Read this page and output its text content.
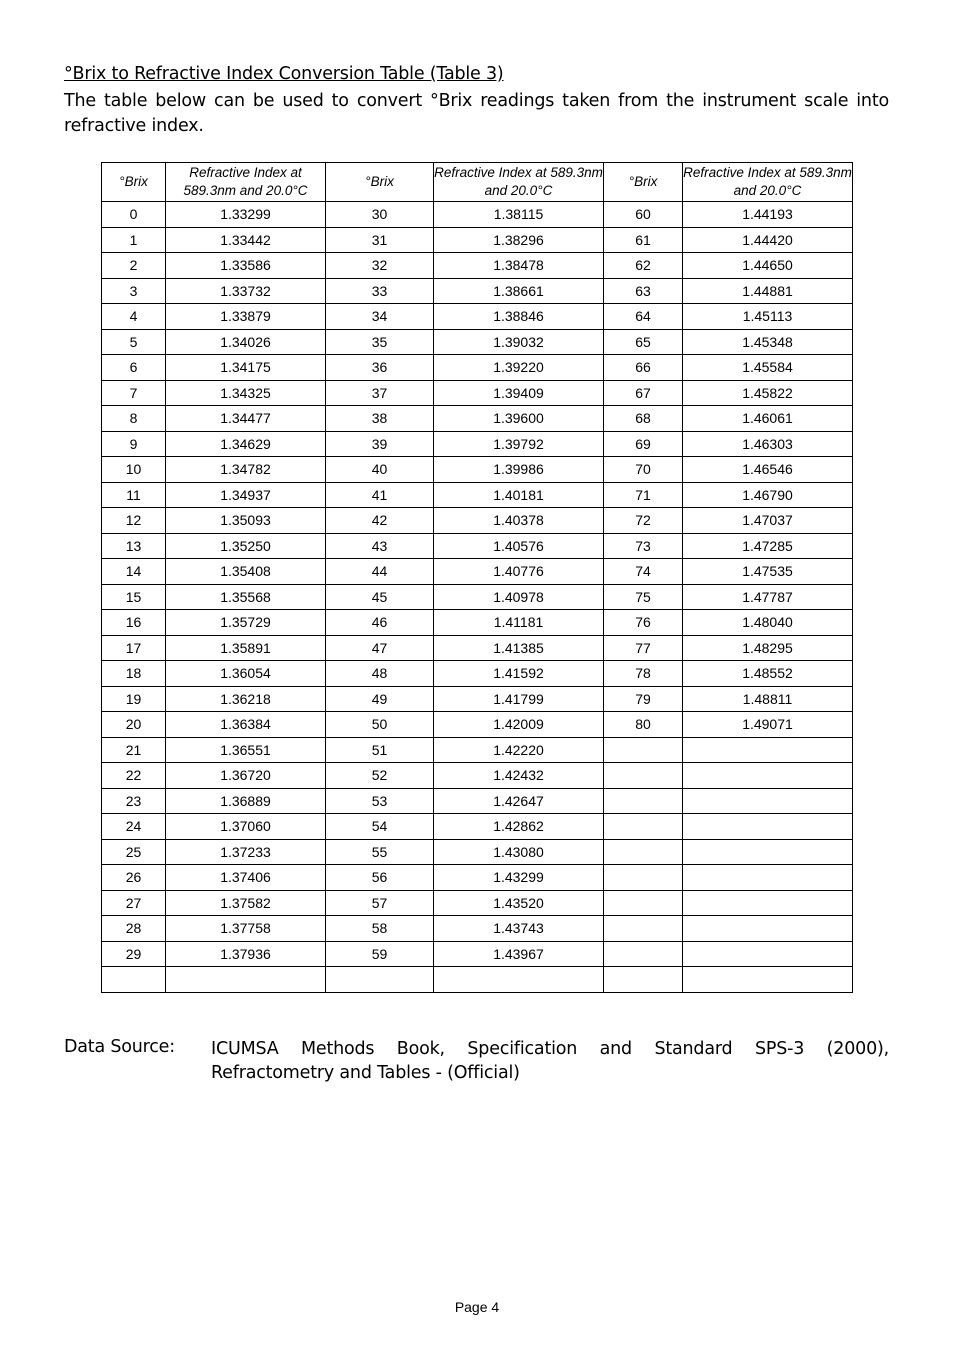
°Brix to Refractive Index Conversion Table (Table 3)
The table below can be used to convert °Brix readings taken from the instrument scale into refractive index.
°Brix	Refractive Index at 589.3nm and 20.0°C	°Brix	Refractive Index at 589.3nm and 20.0°C	°Brix	Refractive Index at 589.3nm and 20.0°C
0	1.33299	30	1.38115	60	1.44193
1	1.33442	31	1.38296	61	1.44420
2	1.33586	32	1.38478	62	1.44650
3	1.33732	33	1.38661	63	1.44881
4	1.33879	34	1.38846	64	1.45113
5	1.34026	35	1.39032	65	1.45348
6	1.34175	36	1.39220	66	1.45584
7	1.34325	37	1.39409	67	1.45822
8	1.34477	38	1.39600	68	1.46061
9	1.34629	39	1.39792	69	1.46303
10	1.34782	40	1.39986	70	1.46546
11	1.34937	41	1.40181	71	1.46790
12	1.35093	42	1.40378	72	1.47037
13	1.35250	43	1.40576	73	1.47285
14	1.35408	44	1.40776	74	1.47535
15	1.35568	45	1.40978	75	1.47787
16	1.35729	46	1.41181	76	1.48040
17	1.35891	47	1.41385	77	1.48295
18	1.36054	48	1.41592	78	1.48552
19	1.36218	49	1.41799	79	1.48811
20	1.36384	50	1.42009	80	1.49071
21	1.36551	51	1.42220		
22	1.36720	52	1.42432		
23	1.36889	53	1.42647		
24	1.37060	54	1.42862		
25	1.37233	55	1.43080		
26	1.37406	56	1.43299		
27	1.37582	57	1.43520		
28	1.37758	58	1.43743		
29	1.37936	59	1.43967		

Data Source: ICUMSA Methods Book, Specification and Standard SPS-3 (2000), Refractometry and Tables - (Official)
Page 4
